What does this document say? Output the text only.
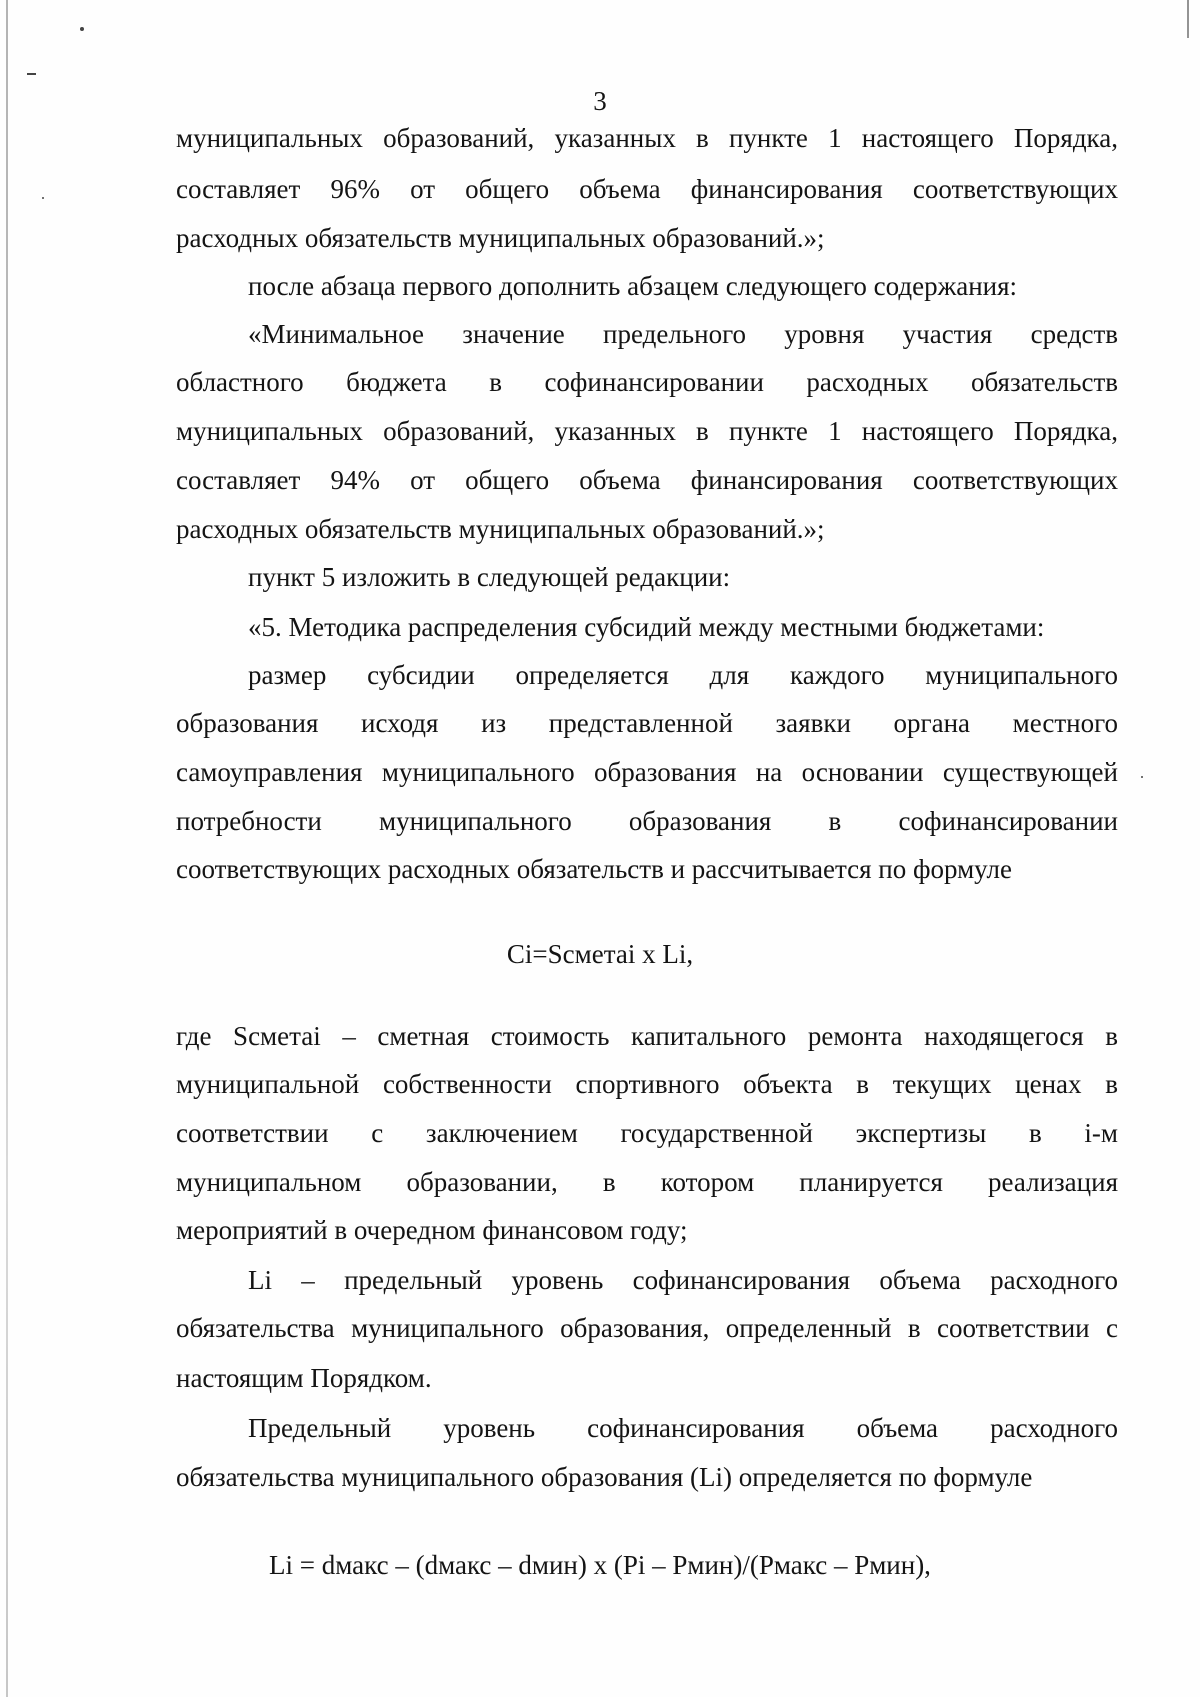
3
муниципальных образований, указанных в пункте 1 настоящего Порядка,
составляет 96% от общего объема финансирования соответствующих
расходных обязательств муниципальных образований.»;
после абзаца первого дополнить абзацем следующего содержания:
«Минимальное значение предельного уровня участия средств
областного бюджета в софинансировании расходных обязательств
муниципальных образований, указанных в пункте 1 настоящего Порядка,
составляет 94% от общего объема финансирования соответствующих
расходных обязательств муниципальных образований.»;
пункт 5 изложить в следующей редакции:
«5. Методика распределения субсидий между местными бюджетами:
размер субсидии определяется для каждого муниципального
образования исходя из представленной заявки органа местного
самоуправления муниципального образования на основании существующей
потребности муниципального образования в софинансировании
соответствующих расходных обязательств и рассчитывается по формуле
Ci=Sсметаi x Li,
где Sсметаi – сметная стоимость капитального ремонта находящегося в
муниципальной собственности спортивного объекта в текущих ценах в
соответствии с заключением государственной экспертизы в i-м
муниципальном образовании, в котором планируется реализация
мероприятий в очередном финансовом году;
Li – предельный уровень софинансирования объема расходного
обязательства муниципального образования, определенный в соответствии с
настоящим Порядком.
Предельный уровень софинансирования объема расходного
обязательства муниципального образования (Li) определяется по формуле
Li = dмакс – (dмакс – dмин) x (Pi – Pмин)/(Pмакс – Pмин),
